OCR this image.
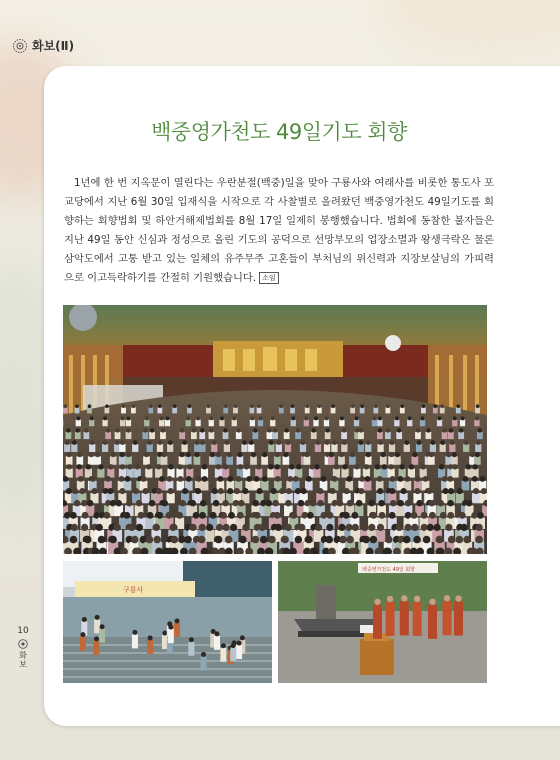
화보(Ⅱ)
백중영가천도 49일기도 회향

1년에 한 번 지옥문이 열린다는 우란분절(백중)일을 맞아 구룡사와 여래사를 비롯한 통도사 포교당에서 지난 6월 30일 입재식을 시작으로 각 사찰별로 올려왔던 백중영가천도 49일기도를 회향하는 회향법회 및 하안거해제법회를 8월 17일 일제히 봉행했습니다. 법회에 동참한 불자들은 지난 49일 동안 신심과 정성으로 올린 기도의 공덕으로 선망부모의 업장소멸과 왕생극락은 물론 삼악도에서 고통 받고 있는 일체의 유주무주 고혼들이 부처님의 위신력과 지장보살님의 가피력으로 이고득락하기를 간절히 기원했습니다. 소임

구룡사
백중영가천도 49일 회향
10
화
보
